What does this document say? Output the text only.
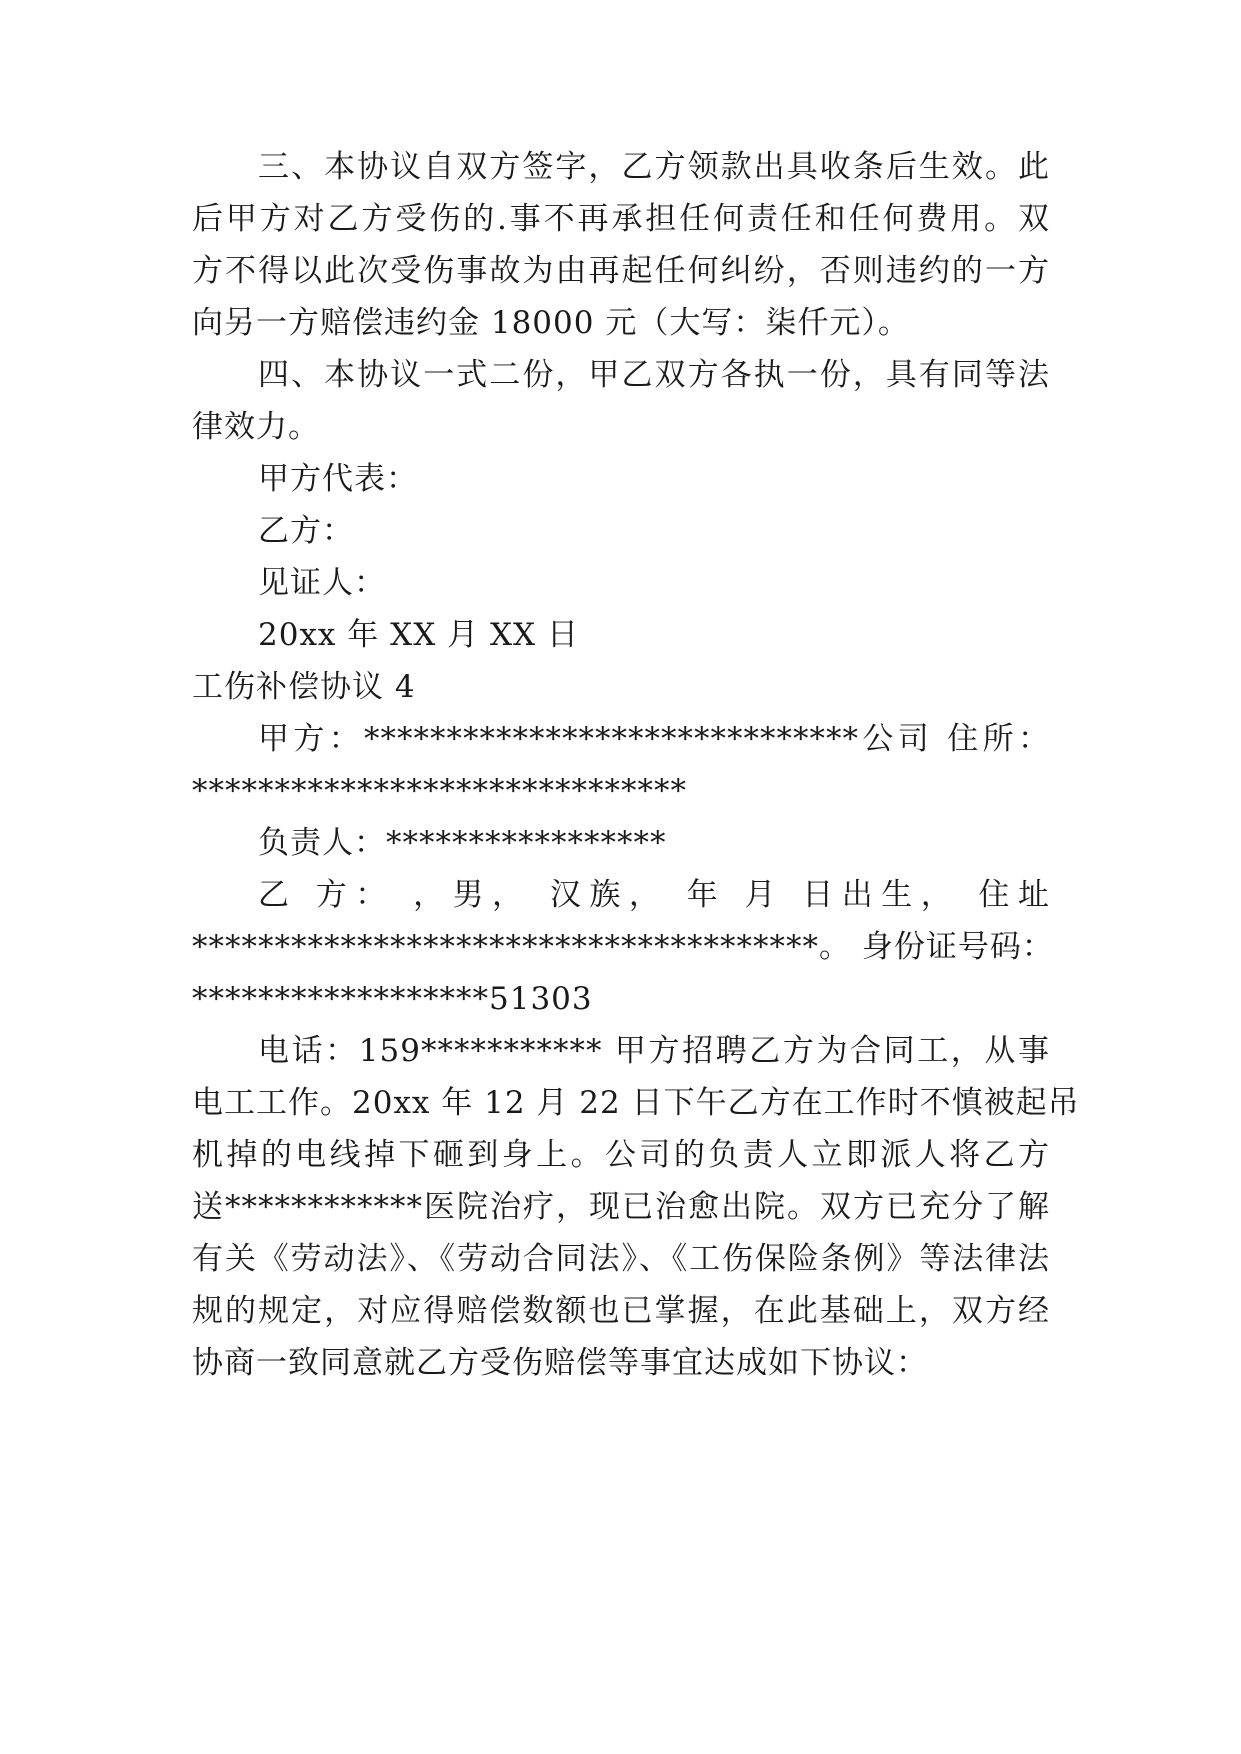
三、本协议自双方签字，乙方领款出具收条后生效。此
后甲方对乙方受伤的.事不再承担任何责任和任何费用。双
方不得以此次受伤事故为由再起任何纠纷，否则违约的一方
向另一方赔偿违约金 18000 元（大写：柒仟元）。
四、本协议一式二份，甲乙双方各执一份，具有同等法
律效力。
甲方代表：
乙方：
见证人：
20xx 年 XX 月 XX 日
工伤补偿协议 4
甲方：******************************公司 住所：
******************************
负责人：*****************
乙 方： ，男， 汉族， 年 月 日出生， 住址
**************************************。 身份证号码：
******************51303
电话：159*********** 甲方招聘乙方为合同工，从事
电工工作。20xx 年 12 月 22 日下午乙方在工作时不慎被起吊
机掉的电线掉下砸到身上。公司的负责人立即派人将乙方
送************医院治疗，现已治愈出院。双方已充分了解
有关《劳动法》、《劳动合同法》、《工伤保险条例》等法律法
规的规定，对应得赔偿数额也已掌握，在此基础上，双方经
协商一致同意就乙方受伤赔偿等事宜达成如下协议：
